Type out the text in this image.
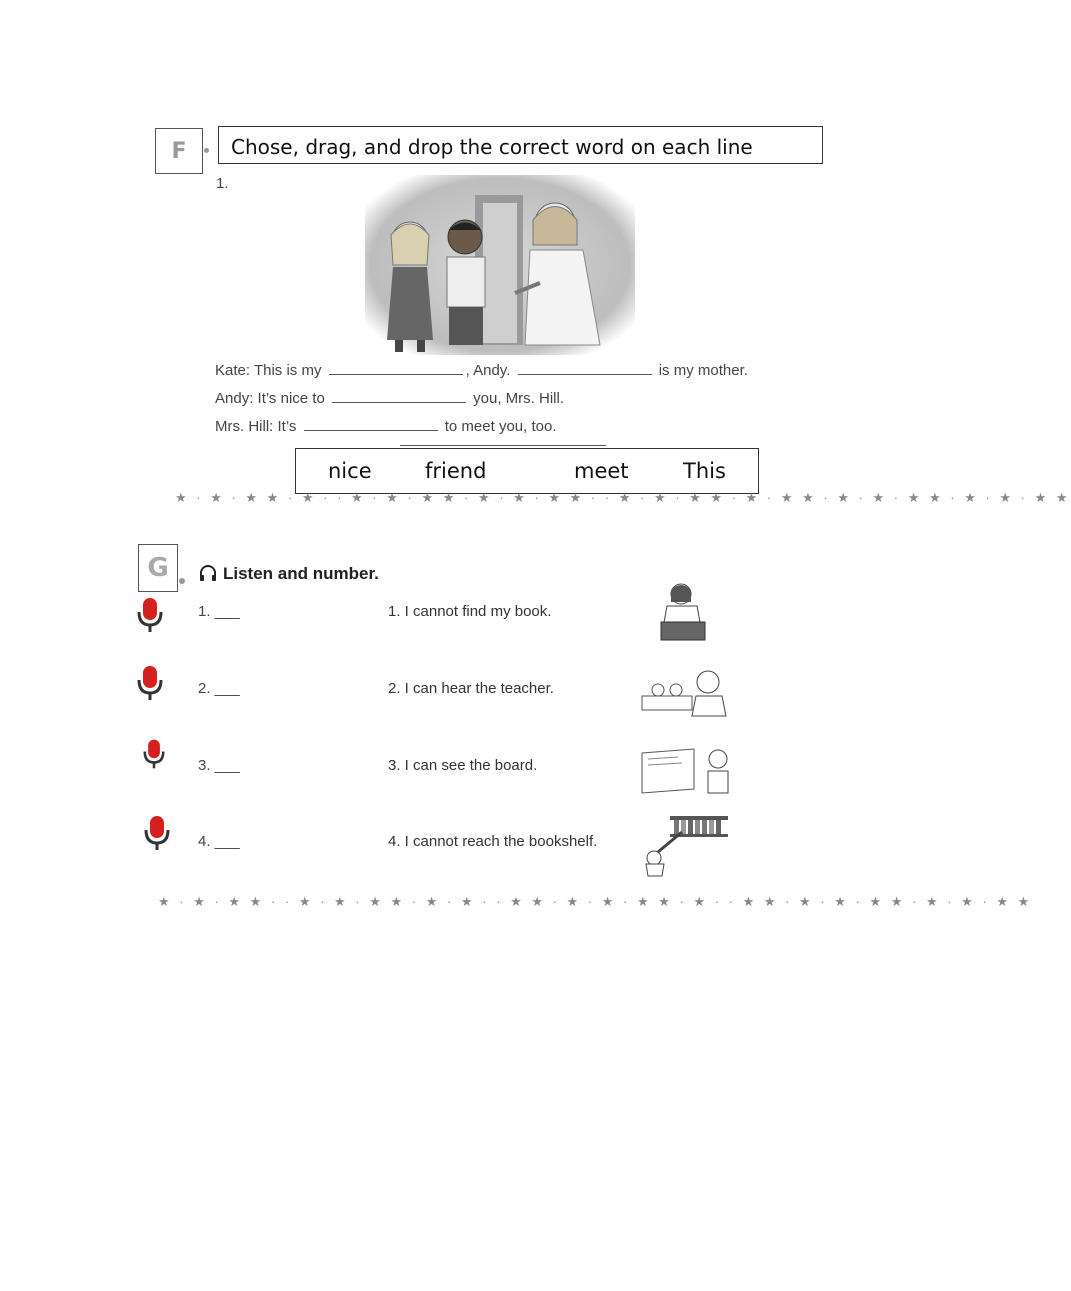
F	Chose, drag, and drop the correct word on each line
1.
Kate: This is my	, Andy.	is my mother.
Andy: It’s nice to	you, Mrs. Hill.
Mrs. Hill: It’s	to meet you, too.
nice	friend	meet	This
★ · ★ · ★ ★ · ★ · · ★ · ★ · ★ ★ · ★ · ★ · ★ ★ · · ★ · ★ · ★ ★ · ★ · ★ ★ · ★ · ★ · ★ ★ · ★ · ★ · ★ ★
G	Listen and number.
1. ___	1. I cannot find my book.
2. ___	2. I can hear the teacher.
3. ___	3. I can see the board.
4. ___	4. I cannot reach the bookshelf.
★ · ★ · ★ ★ · · ★ · ★ · ★ ★ · ★ · ★ · · ★ ★ · ★ · ★ · ★ ★ · ★ · · ★ ★ · ★ · ★ · ★ ★ · ★ · ★ · ★ ★
